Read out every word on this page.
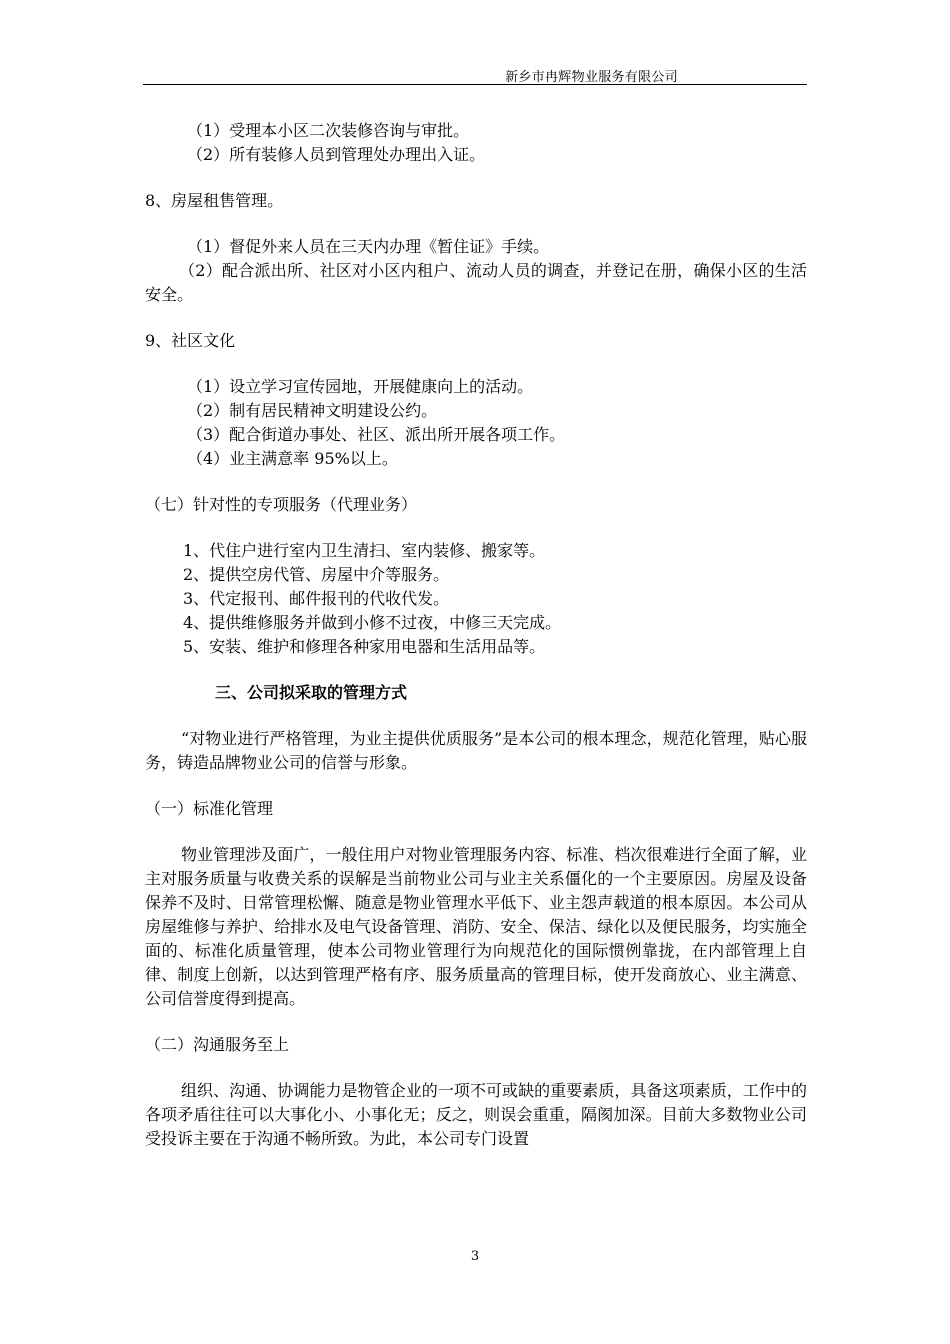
新乡市冉辉物业服务有限公司
（1）受理本小区二次装修咨询与审批。
（2）所有装修人员到管理处办理出入证。
8、房屋租售管理。
（1）督促外来人员在三天内办理《暂住证》手续。
（2）配合派出所、社区对小区内租户、流动人员的调查，并登记在册，确保小区的生活安全。
9、社区文化
（1）设立学习宣传园地，开展健康向上的活动。
（2）制有居民精神文明建设公约。
（3）配合街道办事处、社区、派出所开展各项工作。
（4）业主满意率 95%以上。
（七）针对性的专项服务（代理业务）
1、代住户进行室内卫生清扫、室内装修、搬家等。
2、提供空房代管、房屋中介等服务。
3、代定报刊、邮件报刊的代收代发。
4、提供维修服务并做到小修不过夜，中修三天完成。
5、安装、维护和修理各种家用电器和生活用品等。
三、公司拟采取的管理方式
“对物业进行严格管理，为业主提供优质服务”是本公司的根本理念，规范化管理，贴心服务，铸造品牌物业公司的信誉与形象。
（一）标准化管理
物业管理涉及面广，一般住用户对物业管理服务内容、标准、档次很难进行全面了解，业主对服务质量与收费关系的误解是当前物业公司与业主关系僵化的一个主要原因。房屋及设备保养不及时、日常管理松懈、随意是物业管理水平低下、业主怨声载道的根本原因。本公司从房屋维修与养护、给排水及电气设备管理、消防、安全、保洁、绿化以及便民服务，均实施全面的、标准化质量管理，使本公司物业管理行为向规范化的国际惯例靠拢，在内部管理上自律、制度上创新，以达到管理严格有序、服务质量高的管理目标，使开发商放心、业主满意、公司信誉度得到提高。
（二）沟通服务至上
组织、沟通、协调能力是物管企业的一项不可或缺的重要素质，具备这项素质，工作中的各项矛盾往往可以大事化小、小事化无；反之，则误会重重，隔阂加深。目前大多数物业公司受投诉主要在于沟通不畅所致。为此，本公司专门设置
3
